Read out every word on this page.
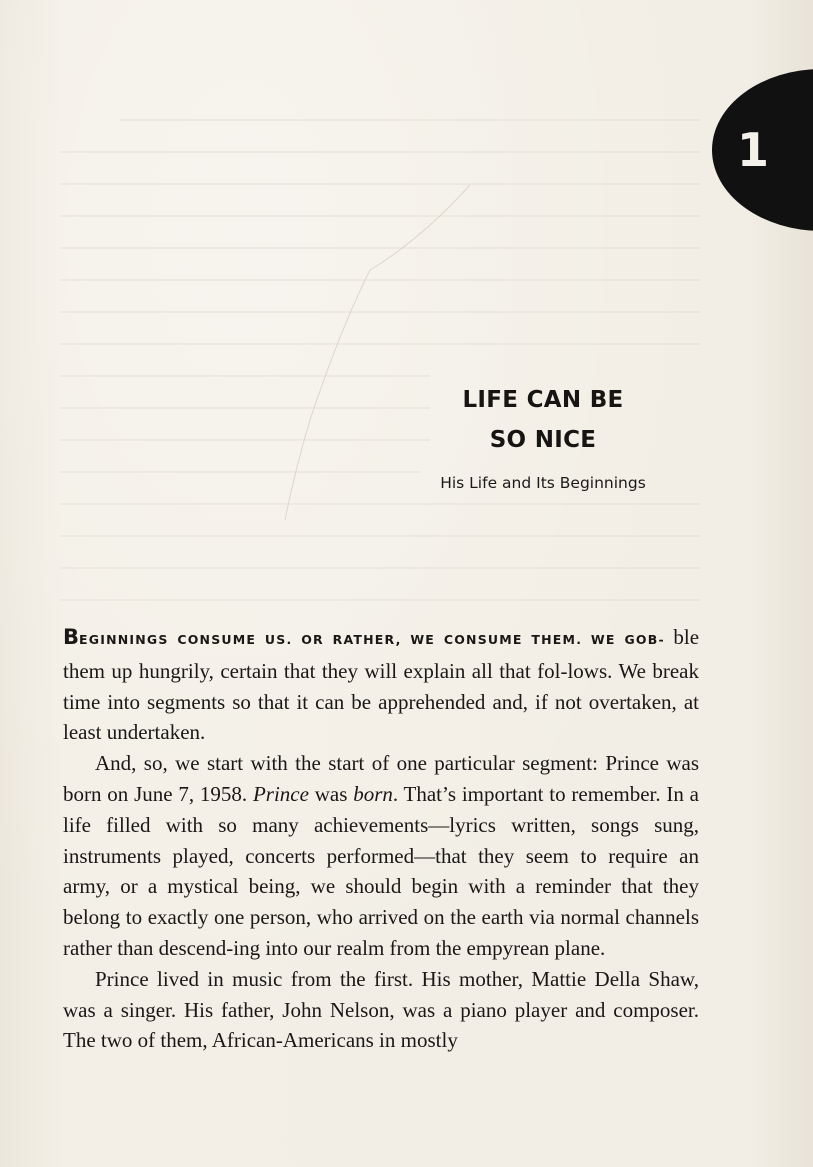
1
LIFE CAN BE
SO NICE
His Life and Its Beginnings

BEGINNINGS CONSUME US. OR RATHER, WE CONSUME THEM. WE GOB- ble them up hungrily, certain that they will explain all that fol-lows. We break time into segments so that it can be apprehended and, if not overtaken, at least undertaken.

And, so, we start with the start of one particular segment: Prince was born on June 7, 1958. Prince was born. That’s important to remember. In a life filled with so many achievements—lyrics written, songs sung, instruments played, concerts performed—that they seem to require an army, or a mystical being, we should begin with a reminder that they belong to exactly one person, who arrived on the earth via normal channels rather than descend-ing into our realm from the empyrean plane.

Prince lived in music from the first. His mother, Mattie Della Shaw, was a singer. His father, John Nelson, was a piano player and composer. The two of them, African-Americans in mostly
